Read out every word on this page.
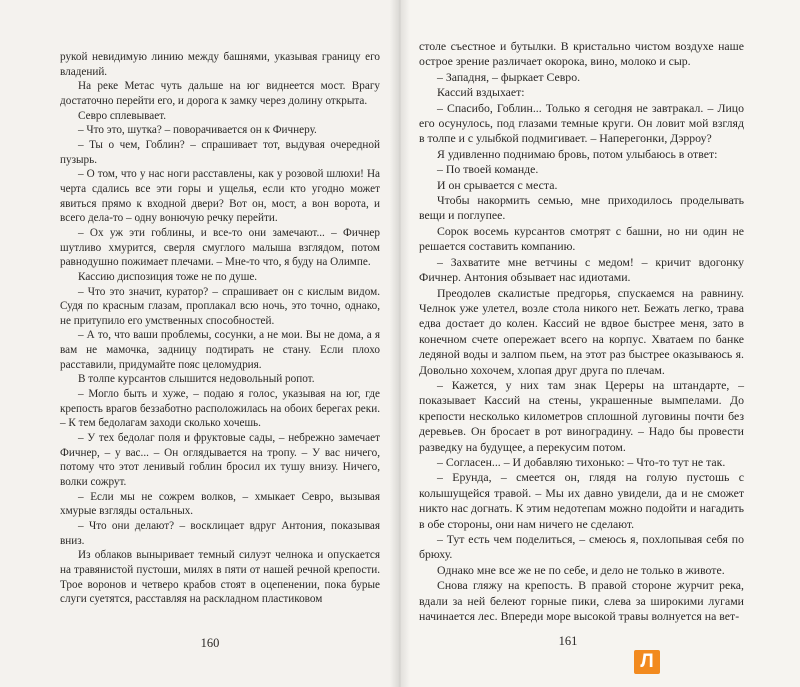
рукой невидимую линию между башнями, указывая границу его владений.

На реке Метас чуть дальше на юг виднеется мост. Врагу достаточно перейти его, и дорога к замку через долину открыта.

Севро сплевывает.

– Что это, шутка? – поворачивается он к Фичнеру.

– Ты о чем, Гоблин? – спрашивает тот, выдувая очередной пузырь.

– О том, что у нас ноги расставлены, как у розовой шлюхи! На черта сдались все эти горы и ущелья, если кто угодно может явиться прямо к входной двери? Вот он, мост, а вон ворота, и всего дела-то – одну вонючую речку перейти.

– Ох уж эти гоблины, и все-то они замечают... – Фичнер шутливо хмурится, сверля смуглого малыша взглядом, потом равнодушно пожимает плечами. – Мне-то что, я буду на Олимпе.

Кассию диспозиция тоже не по душе.

– Что это значит, куратор? – спрашивает он с кислым видом. Судя по красным глазам, проплакал всю ночь, это точно, однако, не притупило его умственных способностей.

– А то, что ваши проблемы, сосунки, а не мои. Вы не дома, а я вам не мамочка, задницу подтирать не стану. Если плохо расставили, придумайте пояс целомудрия.

В толпе курсантов слышится недовольный ропот.

– Могло быть и хуже, – подаю я голос, указывая на юг, где крепость врагов беззаботно расположилась на обоих берегах реки. – К тем бедолагам заходи сколько хочешь.

– У тех бедолаг поля и фруктовые сады, – небрежно замечает Фичнер, – у вас... – Он оглядывается на тропу. – У вас ничего, потому что этот ленивый гоблин бросил их тушу внизу. Ничего, волки сожрут.

– Если мы не сожрем волков, – хмыкает Севро, вызывая хмурые взгляды остальных.

– Что они делают? – восклицает вдруг Антония, показывая вниз.

Из облаков выныривает темный силуэт челнока и опускается на травянистой пустоши, милях в пяти от нашей речной крепости. Трое воронов и четверо крабов стоят в оцепенении, пока бурые слуги суетятся, расставляя на раскладном пластиковом

160

столе съестное и бутылки. В кристально чистом воздухе наше острое зрение различает окорока, вино, молоко и сыр.

– Западня, – фыркает Севро.

Кассий вздыхает:

– Спасибо, Гоблин... Только я сегодня не завтракал. – Лицо его осунулось, под глазами темные круги. Он ловит мой взгляд в толпе и с улыбкой подмигивает. – Наперегонки, Дэрроу?

Я удивленно поднимаю бровь, потом улыбаюсь в ответ:

– По твоей команде.

И он срывается с места.

Чтобы накормить семью, мне приходилось проделывать вещи и поглупее.

Сорок восемь курсантов смотрят с башни, но ни один не решается составить компанию.

– Захватите мне ветчины с медом! – кричит вдогонку Фичнер. Антония обзывает нас идиотами.

Преодолев скалистые предгорья, спускаемся на равнину. Челнок уже улетел, возле стола никого нет. Бежать легко, трава едва достает до колен. Кассий не вдвое быстрее меня, зато в конечном счете опережает всего на корпус. Хватаем по банке ледяной воды и залпом пьем, на этот раз быстрее оказываюсь я. Довольно хохочем, хлопая друг друга по плечам.

– Кажется, у них там знак Цереры на штандарте, – показывает Кассий на стены, украшенные вымпелами. До крепости несколько километров сплошной луговины почти без деревьев. Он бросает в рот виноградину. – Надо бы провести разведку на будущее, а перекусим потом.

– Согласен... – И добавляю тихонько: – Что-то тут не так.

– Ерунда, – смеется он, глядя на голую пустошь с колышущейся травой. – Мы их давно увидели, да и не сможет никто нас догнать. К этим недотепам можно подойти и нагадить в обе стороны, они нам ничего не сделают.

– Тут есть чем поделиться, – смеюсь я, похлопывая себя по брюху.

Однако мне все же не по себе, и дело не только в животе.

Снова гляжу на крепость. В правой стороне журчит река, вдали за ней белеют горные пики, слева за широкими лугами начинается лес. Впереди море высокой травы волнуется на вет-

161
Л
